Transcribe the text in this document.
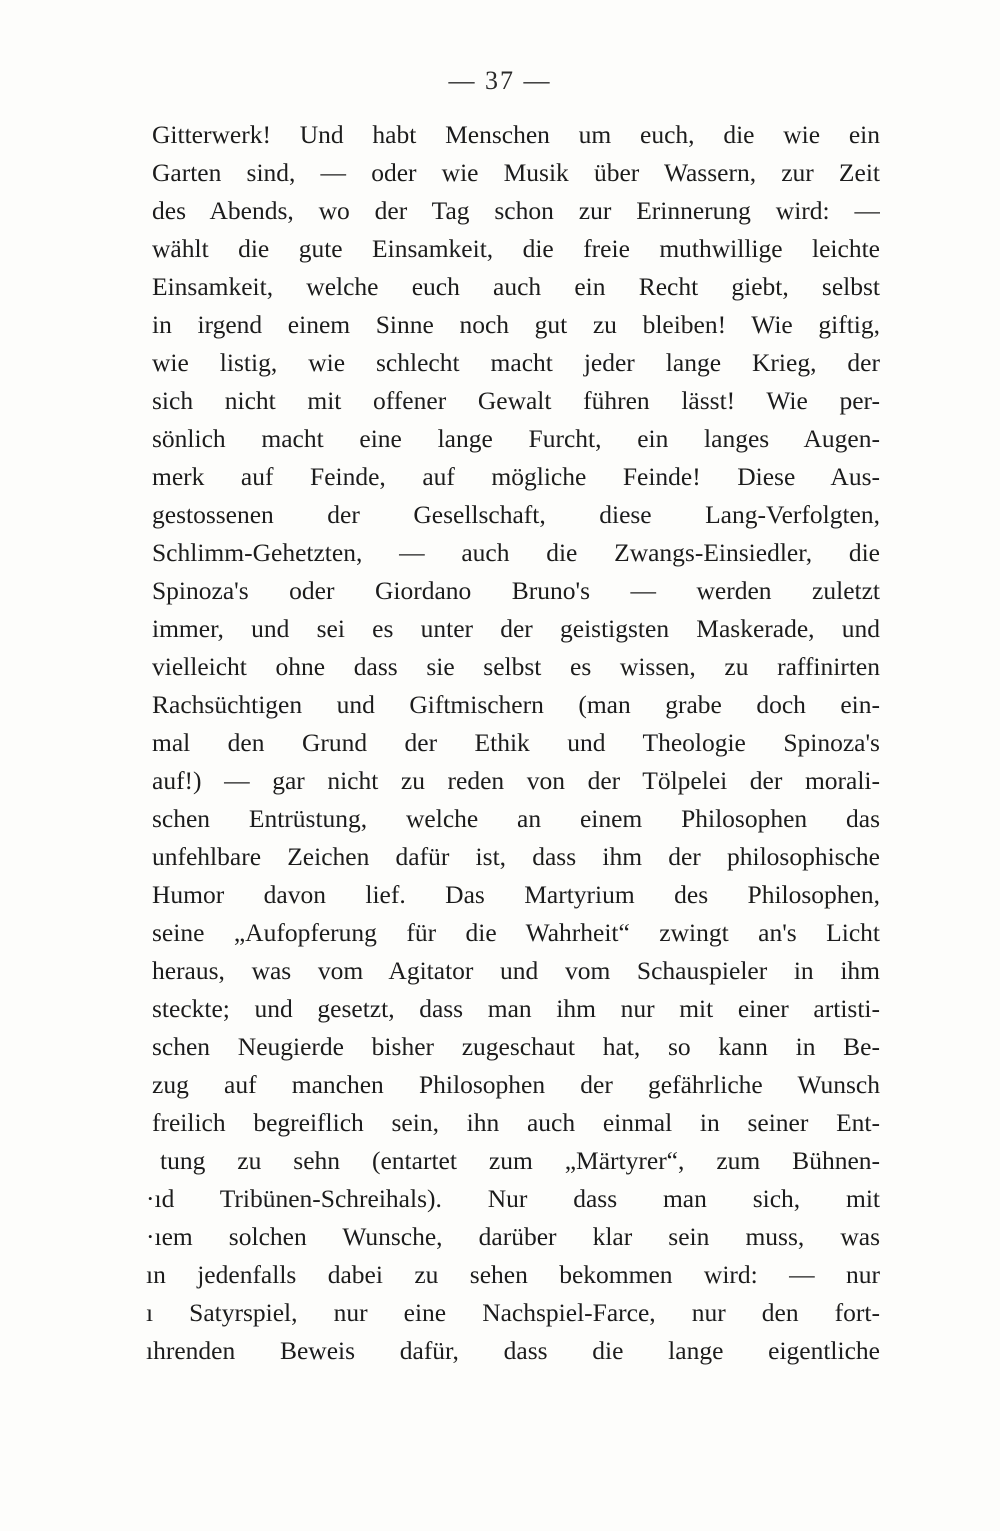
— 37 —
Gitterwerk! Und habt Menschen um euch, die wie ein
Garten sind, — oder wie Musik über Wassern, zur Zeit
des Abends, wo der Tag schon zur Erinnerung wird: —
wählt die gute Einsamkeit, die freie muthwillige leichte
Einsamkeit, welche euch auch ein Recht giebt, selbst
in irgend einem Sinne noch gut zu bleiben! Wie giftig,
wie listig, wie schlecht macht jeder lange Krieg, der
sich nicht mit offener Gewalt führen lässt! Wie per-
sönlich macht eine lange Furcht, ein langes Augen-
merk auf Feinde, auf mögliche Feinde! Diese Aus-
gestossenen der Gesellschaft, diese Lang-Verfolgten,
Schlimm-Gehetzten, — auch die Zwangs-Einsiedler, die
Spinoza's oder Giordano Bruno's — werden zuletzt
immer, und sei es unter der geistigsten Maskerade, und
vielleicht ohne dass sie selbst es wissen, zu raffinirten
Rachsüchtigen und Giftmischern (man grabe doch ein-
mal den Grund der Ethik und Theologie Spinoza's
auf!) — gar nicht zu reden von der Tölpelei der morali-
schen Entrüstung, welche an einem Philosophen das
unfehlbare Zeichen dafür ist, dass ihm der philosophische
Humor davon lief. Das Martyrium des Philosophen,
seine „Aufopferung für die Wahrheit“ zwingt an's Licht
heraus, was vom Agitator und vom Schauspieler in ihm
steckte; und gesetzt, dass man ihm nur mit einer artisti-
schen Neugierde bisher zugeschaut hat, so kann in Be-
zug auf manchen Philosophen der gefährliche Wunsch
freilich begreiflich sein, ihn auch einmal in seiner Ent-
tung zu sehn (entartet zum „Märtyrer“, zum Bühnen-
·ıd Tribünen-Schreihals). Nur dass man sich, mit
·ıem solchen Wunsche, darüber klar sein muss, was
ın jedenfalls dabei zu sehen bekommen wird: — nur
ı Satyrspiel, nur eine Nachspiel-Farce, nur den fort-
ıhrenden Beweis dafür, dass die lange eigentliche
